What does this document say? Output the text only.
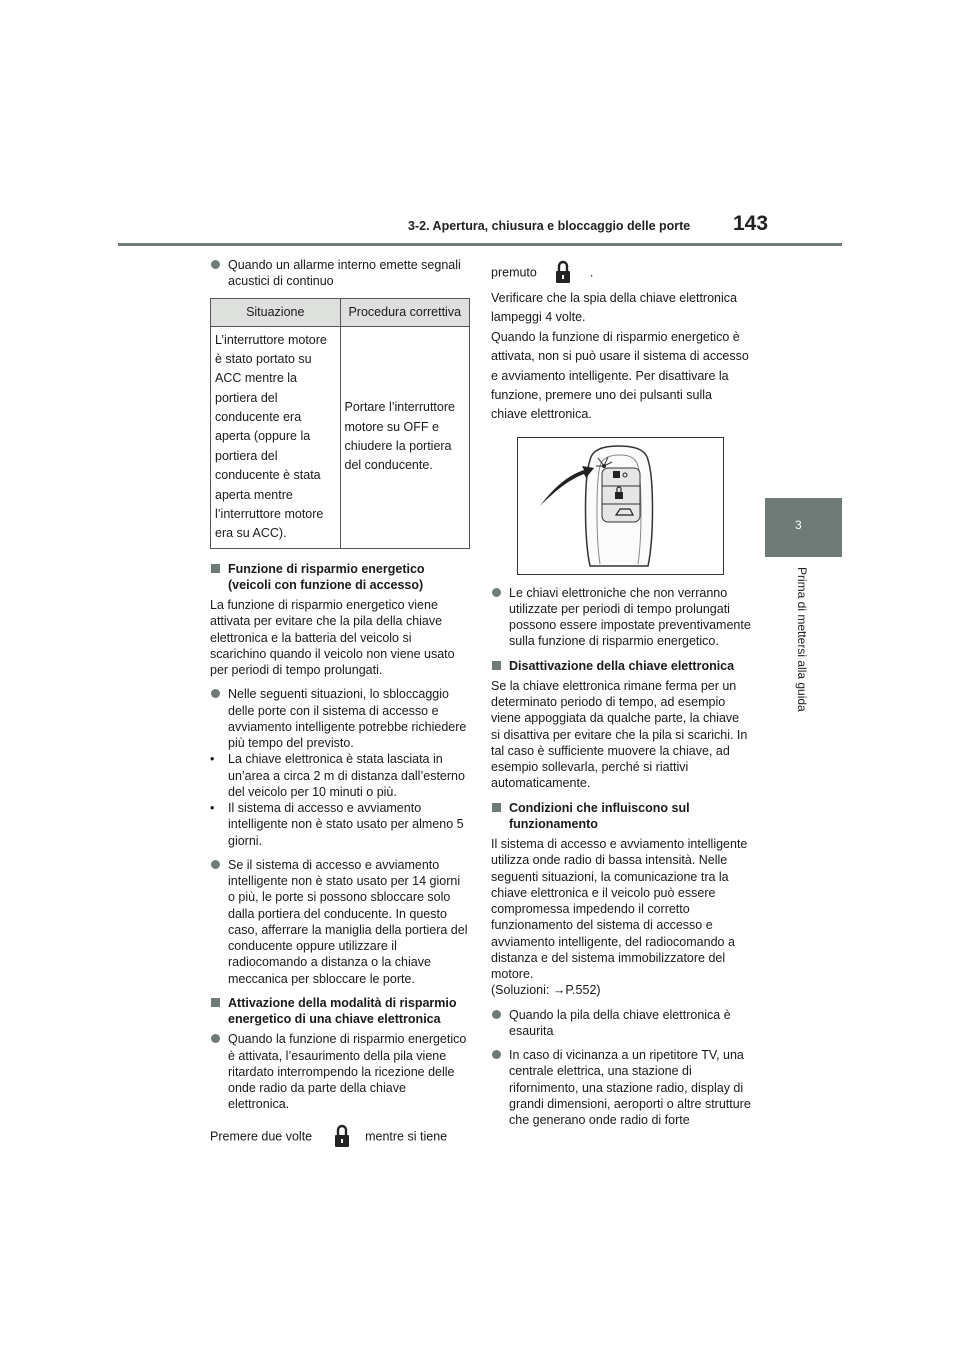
3-2. Apertura, chiusura e bloccaggio delle porte 143
3
Prima di mettersi alla guida

Quando un allarme interno emette segnali acustici di continuo

Situazione	Procedura correttiva
L’interruttore motore è stato portato su ACC mentre la portiera del conducente era aperta (oppure la portiera del conducente è stata aperta mentre l’interruttore motore era su ACC).	Portare l’interruttore motore su OFF e chiudere la portiera del conducente.

Funzione di risparmio energetico (veicoli con funzione di accesso)

La funzione di risparmio energetico viene attivata per evitare che la pila della chiave elettronica e la batteria del veicolo si scarichino quando il veicolo non viene usato per periodi di tempo prolungati.

Nelle seguenti situazioni, lo sbloccaggio delle porte con il sistema di accesso e avviamento intelligente potrebbe richiedere più tempo del previsto.

• La chiave elettronica è stata lasciata in un’area a circa 2 m di distanza dall’esterno del veicolo per 10 minuti o più.
• Il sistema di accesso e avviamento intelligente non è stato usato per almeno 5 giorni.

Se il sistema di accesso e avviamento intelligente non è stato usato per 14 giorni o più, le porte si possono sbloccare solo dalla portiera del conducente. In questo caso, afferrare la maniglia della portiera del conducente oppure utilizzare il radiocomando a distanza o la chiave meccanica per sbloccare le porte.

Attivazione della modalità di risparmio energetico di una chiave elettronica

Quando la funzione di risparmio energetico è attivata, l’esaurimento della pila viene ritardato interrompendo la ricezione delle onde radio da parte della chiave elettronica.

Premere due volte	mentre si tiene

premuto	.

Verificare che la spia della chiave elettronica lampeggi 4 volte.

Quando la funzione di risparmio energetico è attivata, non si può usare il sistema di accesso e avviamento intelligente. Per disattivare la funzione, premere uno dei pulsanti sulla chiave elettronica.

Le chiavi elettroniche che non verranno utilizzate per periodi di tempo prolungati possono essere impostate preventivamente sulla funzione di risparmio energetico.

Disattivazione della chiave elettronica

Se la chiave elettronica rimane ferma per un determinato periodo di tempo, ad esempio viene appoggiata da qualche parte, la chiave si disattiva per evitare che la pila si scarichi. In tal caso è sufficiente muovere la chiave, ad esempio sollevarla, perché si riattivi automaticamente.

Condizioni che influiscono sul funzionamento

Il sistema di accesso e avviamento intelligente utilizza onde radio di bassa intensità. Nelle seguenti situazioni, la comunicazione tra la chiave elettronica e il veicolo può essere compromessa impedendo il corretto funzionamento del sistema di accesso e avviamento intelligente, del radiocomando a distanza e del sistema immobilizzatore del motore.

(Soluzioni: →P.552)

Quando la pila della chiave elettronica è esaurita

In caso di vicinanza a un ripetitore TV, una centrale elettrica, una stazione di rifornimento, una stazione radio, display di grandi dimensioni, aeroporti o altre strutture che generano onde radio di forte
